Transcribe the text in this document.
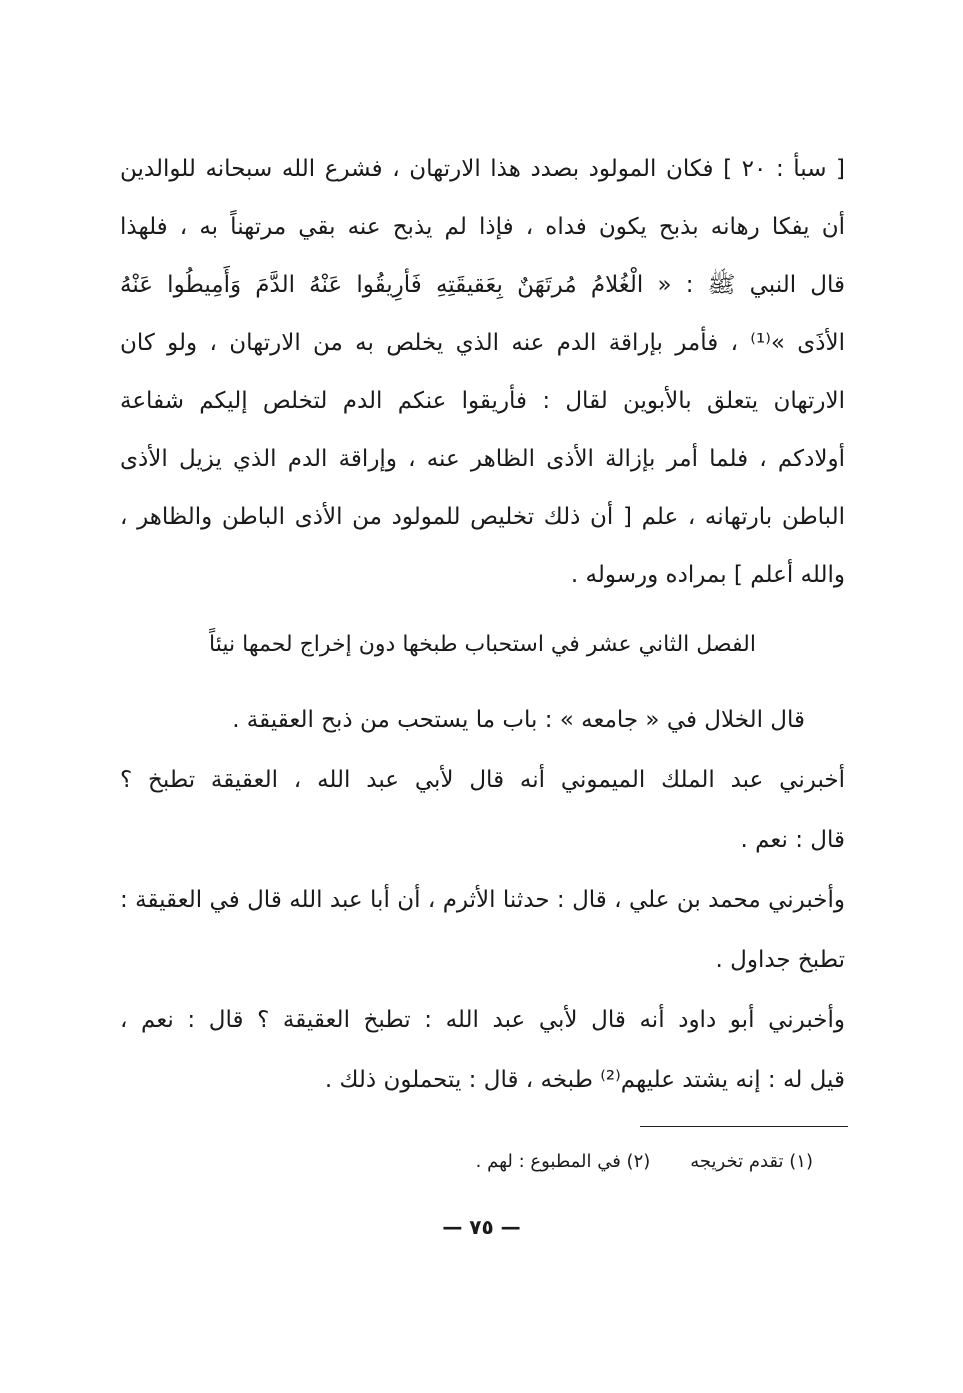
[ سبأ : ٢٠ ] فكان المولود بصدد هذا الارتهان ، فشرع الله سبحانه للوالدين
أن يفكا رهانه بذبح يكون فداه ، فإذا لم يذبح عنه بقي مرتهناً به ، فلهذا
قال النبي ﷺ : « الْغُلامُ مُرتَهَنٌ بِعَقيقَتِهِ فَأرِيقُوا عَنْهُ الدَّمَ وَأَمِيطُوا عَنْهُ
الأذَى »⁽¹⁾ ، فأمر بإراقة الدم عنه الذي يخلص به من الارتهان ، ولو كان
الارتهان يتعلق بالأبوين لقال : فأريقوا عنكم الدم لتخلص إليكم شفاعة
أولادكم ، فلما أمر بإزالة الأذى الظاهر عنه ، وإراقة الدم الذي يزيل الأذى
الباطن بارتهانه ، علم [ أن ذلك تخليص للمولود من الأذى الباطن والظاهر ،
والله أعلم ] بمراده ورسوله .
الفصل الثاني عشر في استحباب طبخها دون إخراج لحمها نيئاً
قال الخلال في « جامعه » : باب ما يستحب من ذبح العقيقة .
أخبرني عبد الملك الميموني أنه قال لأبي عبد الله ، العقيقة تطبخ ؟
قال : نعم .
وأخبرني محمد بن علي ، قال : حدثنا الأثرم ، أن أبا عبد الله قال في العقيقة :
تطبخ جداول .
وأخبرني أبو داود أنه قال لأبي عبد الله : تطبخ العقيقة ؟ قال : نعم ،
قيل له : إنه يشتد عليهم⁽²⁾ طبخه ، قال : يتحملون ذلك .
(١) تقدم تخريجه(٢) في المطبوع : لهم .
— ٧٥ —
